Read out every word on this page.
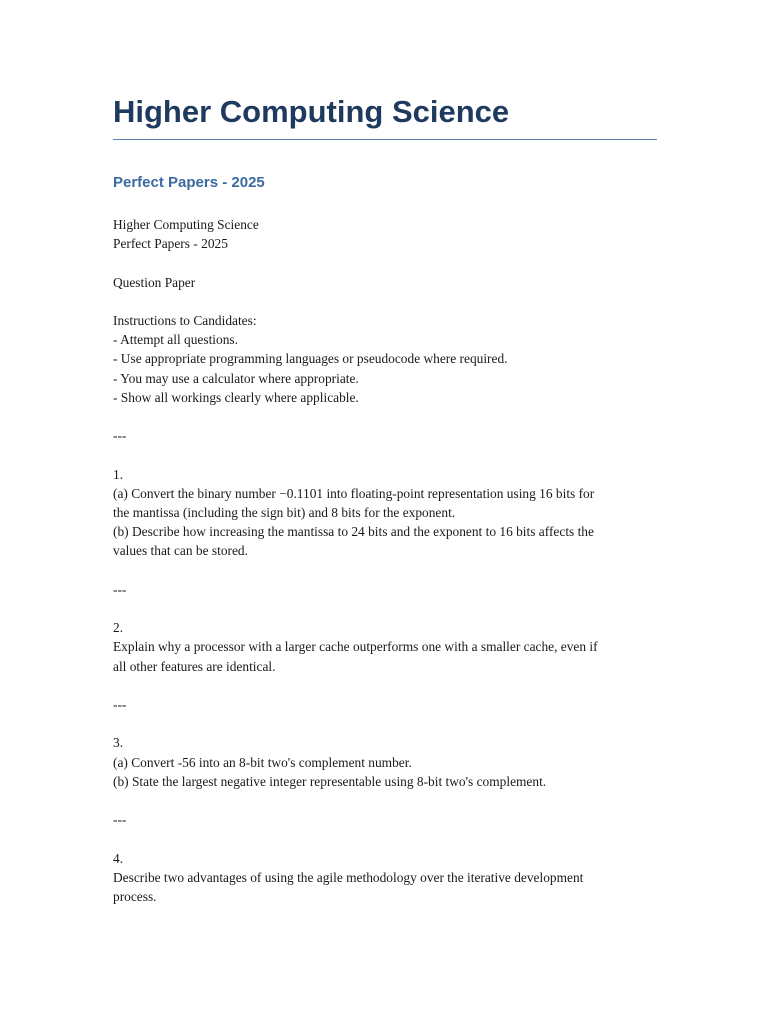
Higher Computing Science
Perfect Papers - 2025
Higher Computing Science
Perfect Papers - 2025
Question Paper
Instructions to Candidates:
- Attempt all questions.
- Use appropriate programming languages or pseudocode where required.
- You may use a calculator where appropriate.
- Show all workings clearly where applicable.
---
1.
(a) Convert the binary number −0.1101 into floating-point representation using 16 bits for
the mantissa (including the sign bit) and 8 bits for the exponent.
(b) Describe how increasing the mantissa to 24 bits and the exponent to 16 bits affects the
values that can be stored.
---
2.
Explain why a processor with a larger cache outperforms one with a smaller cache, even if
all other features are identical.
---
3.
(a) Convert -56 into an 8-bit two's complement number.
(b) State the largest negative integer representable using 8-bit two's complement.
---
4.
Describe two advantages of using the agile methodology over the iterative development
process.
